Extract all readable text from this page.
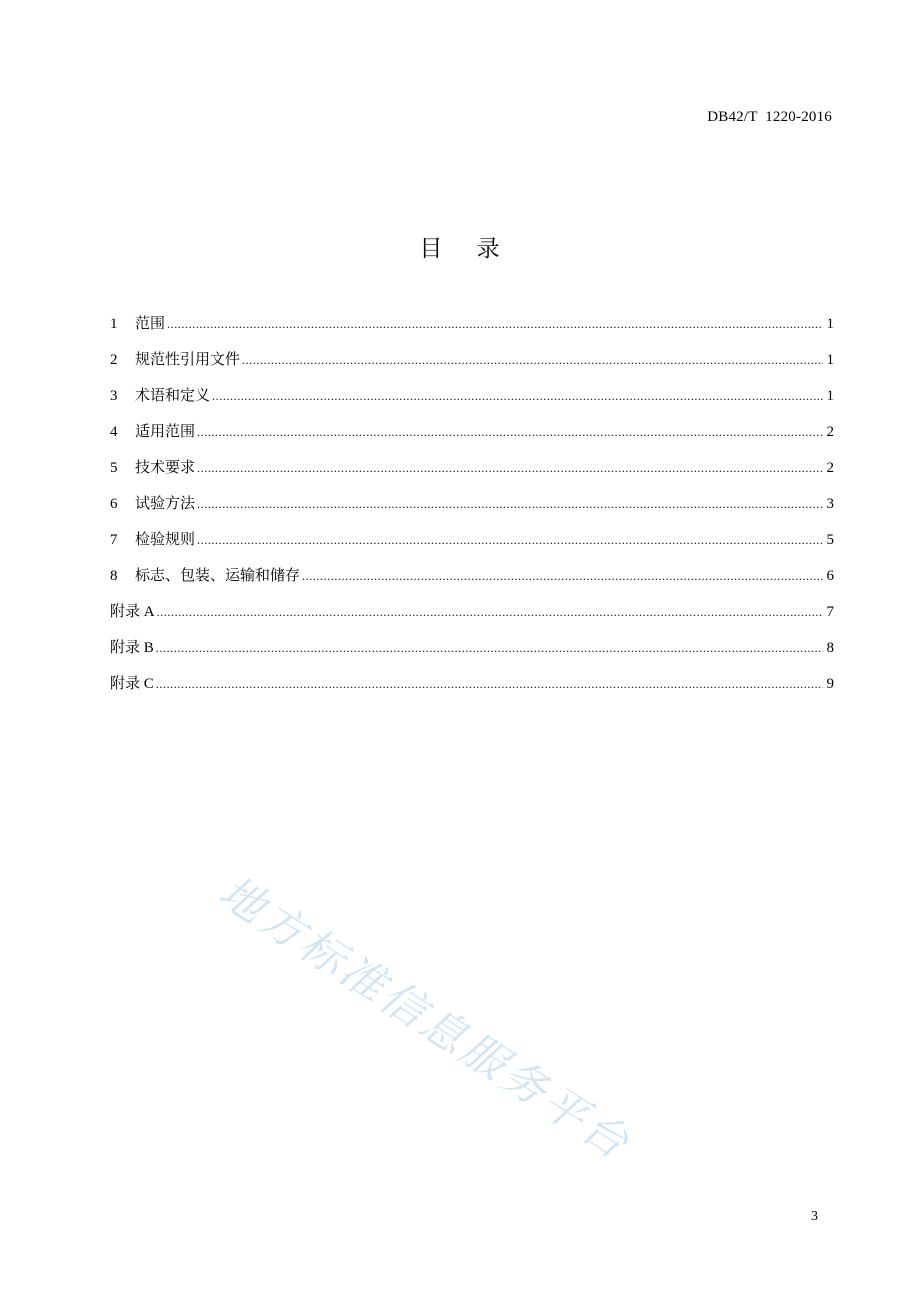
DB42/T  1220-2016
目    录
1	范围 .....	1
2	规范性引用文件 .....	1
3	术语和定义 .....	1
4	适用范围 .....	2
5	技术要求 .....	2
6	试验方法 .....	3
7	检验规则 .....	5
8	标志、包装、运输和储存 .....	6
附录 A .....	7
附录 B .....	8
附录 C .....	9
地方标准信息服务平台
3
